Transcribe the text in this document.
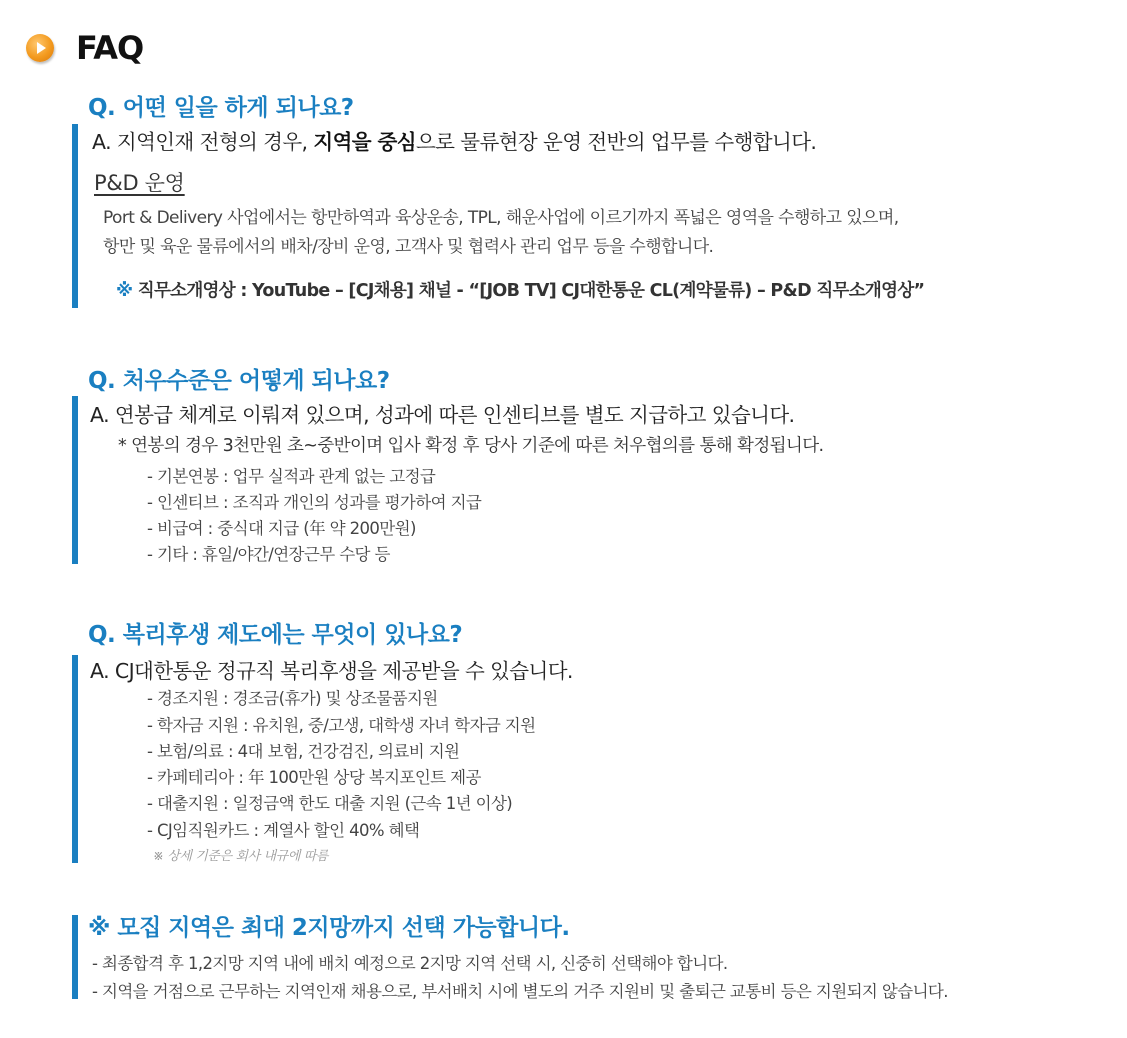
FAQ
Q. 어떤 일을 하게 되나요?
A. 지역인재 전형의 경우, 지역을 중심으로 물류현장 운영 전반의 업무를 수행합니다.
P&D 운영
Port & Delivery 사업에서는 항만하역과 육상운송, TPL, 해운사업에 이르기까지 폭넓은 영역을 수행하고 있으며,
항만 및 육운 물류에서의 배차/장비 운영, 고객사 및 협력사 관리 업무 등을 수행합니다.
※ 직무소개영상 : YouTube – [CJ채용] 채널 - “[JOB TV] CJ대한통운 CL(계약물류) – P&D 직무소개영상”
Q. 처우수준은 어떻게 되나요?
A. 연봉급 체계로 이뤄져 있으며, 성과에 따른 인센티브를 별도 지급하고 있습니다.
* 연봉의 경우 3천만원 초~중반이며 입사 확정 후 당사 기준에 따른 처우협의를 통해 확정됩니다.
- 기본연봉 : 업무 실적과 관계 없는 고정급
- 인센티브 : 조직과 개인의 성과를 평가하여 지급
- 비급여 : 중식대 지급 (年 약 200만원)
- 기타 : 휴일/야간/연장근무 수당 등
Q. 복리후생 제도에는 무엇이 있나요?
A. CJ대한통운 정규직 복리후생을 제공받을 수 있습니다.
- 경조지원 : 경조금(휴가) 및 상조물품지원
- 학자금 지원 : 유치원, 중/고생, 대학생 자녀 학자금 지원
- 보험/의료 : 4대 보험, 건강검진, 의료비 지원
- 카페테리아 : 年 100만원 상당 복지포인트 제공
- 대출지원 : 일정금액 한도 대출 지원 (근속 1년 이상)
- CJ임직원카드 : 계열사 할인 40% 혜택
※ 상세 기준은 회사 내규에 따름
※ 모집 지역은 최대 2지망까지 선택 가능합니다.
- 최종합격 후 1,2지망 지역 내에 배치 예정으로 2지망 지역 선택 시, 신중히 선택해야 합니다.
- 지역을 거점으로 근무하는 지역인재 채용으로, 부서배치 시에 별도의 거주 지원비 및 출퇴근 교통비 등은 지원되지 않습니다.
